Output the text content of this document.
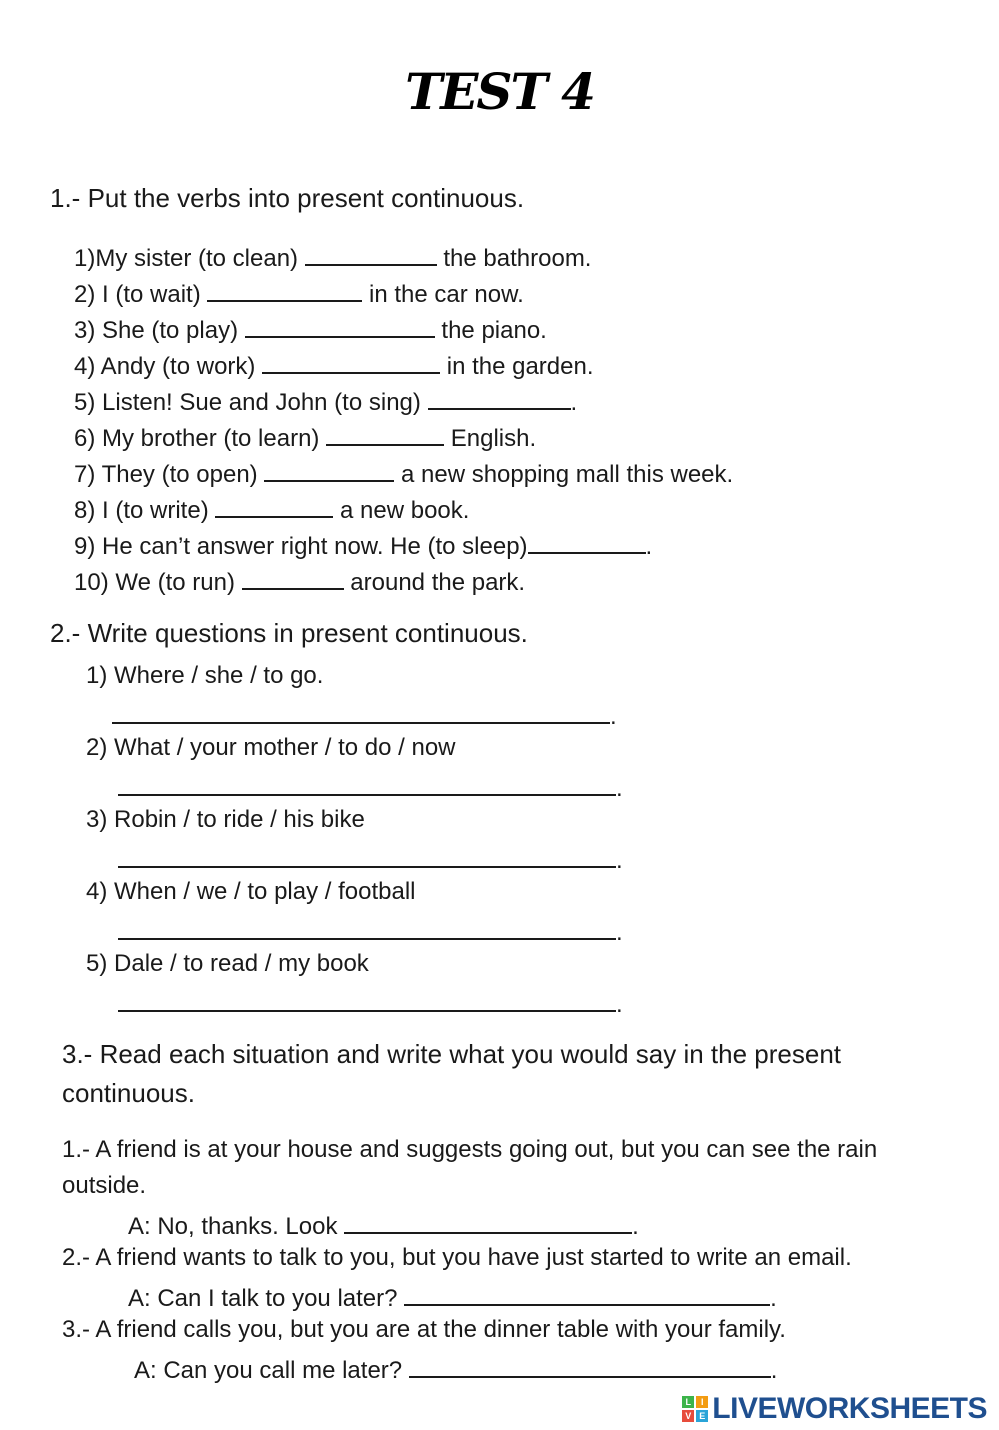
TEST 4
1.- Put the verbs into present continuous.
1)My sister (to clean)	the bathroom.
2) I (to wait)	in the car now.
3) She (to play)	the piano.
4) Andy (to work)	in the garden.
5) Listen! Sue and John (to sing)	.
6) My brother (to learn)	English.
7) They (to open)	a new shopping mall this week.
8) I (to write)	a new book.
9) He can’t answer right now. He (to sleep)	.
10) We (to run)	around the park.
2.- Write questions in present continuous.
1) Where / she / to go.
.
2) What / your mother / to do / now
.
3) Robin / to ride / his bike
.
4) When / we / to play / football
.
5) Dale / to read / my book
.
3.- Read each situation and write what you would say in the present
continuous.
1.- A friend is at your house and suggests going out, but you can see the rain
outside.
A: No, thanks. Look	.
2.- A friend wants to talk to you, but you have just started to write an email.
A: Can I talk to you later?	.
3.- A friend calls you, but you are at the dinner table with your family.
A: Can you call me later?	.
L	I
V E LIVEWORKSHEETS
